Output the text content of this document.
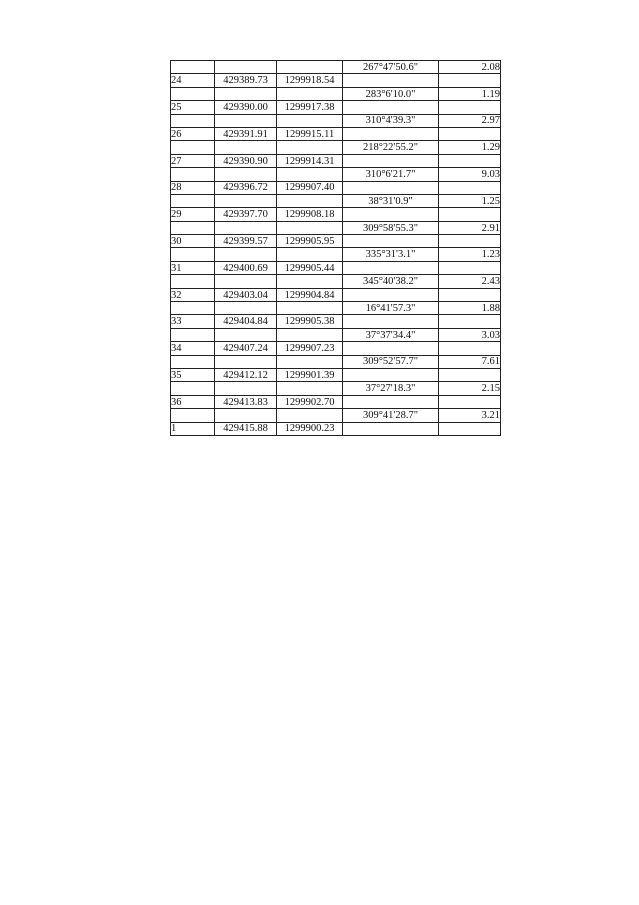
			267°47'50.6"	2.08
24	429389.73	1299918.54		
			283°6'10.0"	1.19
25	429390.00	1299917.38		
			310°4'39.3"	2.97
26	429391.91	1299915.11		
			218°22'55.2"	1.29
27	429390.90	1299914.31		
			310°6'21.7"	9.03
28	429396.72	1299907.40		
			38°31'0.9"	1.25
29	429397.70	1299908.18		
			309°58'55.3"	2.91
30	429399.57	1299905.95		
			335°31'3.1"	1.23
31	429400.69	1299905.44		
			345°40'38.2"	2.43
32	429403.04	1299904.84		
			16°41'57.3"	1.88
33	429404.84	1299905.38		
			37°37'34.4"	3.03
34	429407.24	1299907.23		
			309°52'57.7"	7.61
35	429412.12	1299901.39		
			37°27'18.3"	2.15
36	429413.83	1299902.70		
			309°41'28.7"	3.21
1	429415.88	1299900.23		
